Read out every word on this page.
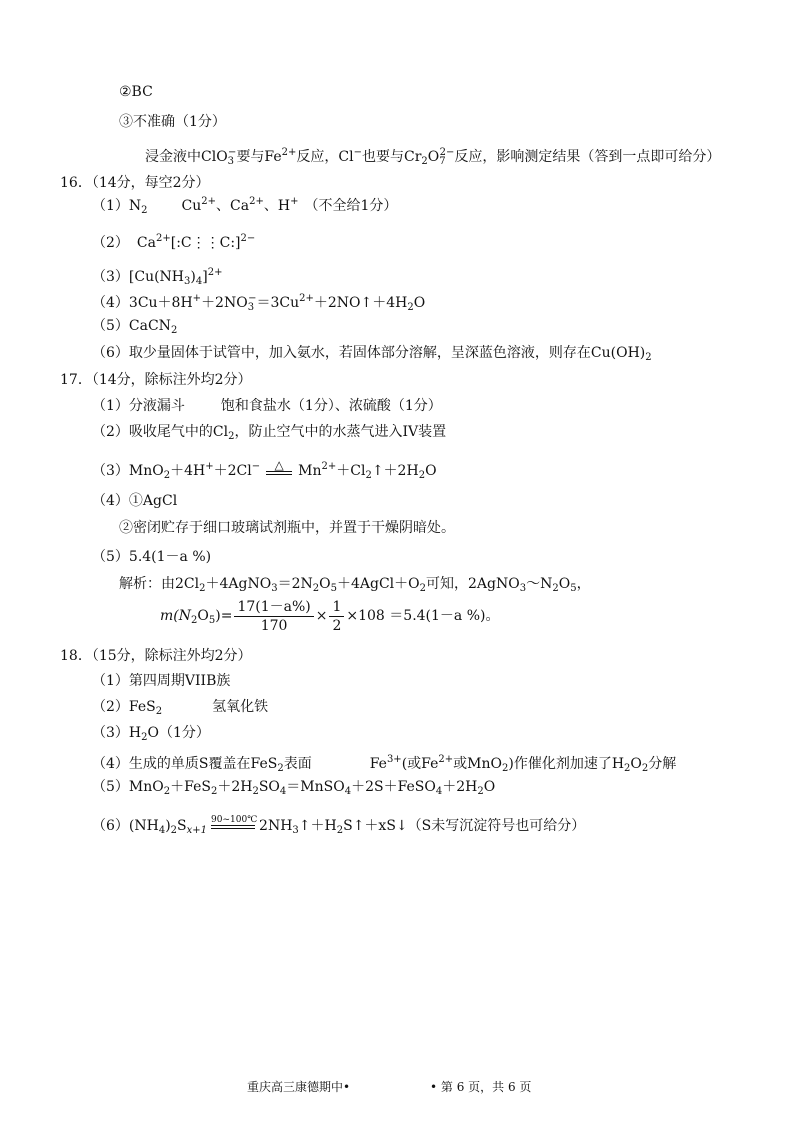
②BC
③不准确（1分）
浸金液中ClO$_3$−要与$Fe^{2+}$反应，Cl−也要与$Cr_2O_7^{2-}$反应，影响测定结果（答到一点即可给分）
16．（14分，每空2分）
$(1)N_2$ $Cu^{2+}$、$Ca^{2+}$、H+ （不全给1分）
（2） $Ca^{2+}[:C⋮⋮C:]^{2-}$
$(3)[Cu(NH_3)_4]^{2+}$
$(4)3Cu+8H^++2NO_3^-=3Cu^{2+}+2NO↑+4H_2O$
（5）CaCN$_2$
（6）取少量固体于试管中，加入氨水，若固体部分溶解，呈深蓝色溶液，则存在$Cu(OH)_2$
17．（14分，除标注外均2分）
（1）分液漏斗	饱和食盐水（1分）、浓硫酸（1分）
（2）吸收尾气中的$Cl_2$，防止空气中的水蒸气进入IV装置
（3）MnO$_2$＋4H+＋2Cl−	△	$Mn^{2+}+Cl_2↑+2H_2O$
（4）①AgCl
②密闭贮存于细口玻璃试剂瓶中，并置于干燥阴暗处。
（5）5.4(1－a %)
解析：由$2Cl_2+4AgNO_3=2N_2O_5+4AgCl+O_2$可知，$2AgNO_3\sim N_2O_5$，
$m(N_2O_5)= \frac{17(1-a\%)}{170} \times \frac{1}{2} \times 108 =5.4(1-a$ %)。
18．（15分，除标注外均2分）
（1）第四周期VIIB族
（2）FeS$_2$	氢氧化铁
$(3)H_2O(1$分）
（4）生成的单质S覆盖在FeS$_2$表面	$Fe^{3+}$(或$Fe^{2+}$或MnO$_2$)作催化剂加速了$H_2O_2$分解
$(5)MnO_2+FeS_2+2H_2SO_4=MnSO_4+2S+FeSO_4+2H_2O$
$(6)(NH_4)_2S_{x+1}$
90~100℃ $2NH_3↑+H_2S↑+xS↓(S$未写沉淀符号也可给分）
重庆高三康德期中•	• 第 6 页，共 6 页
